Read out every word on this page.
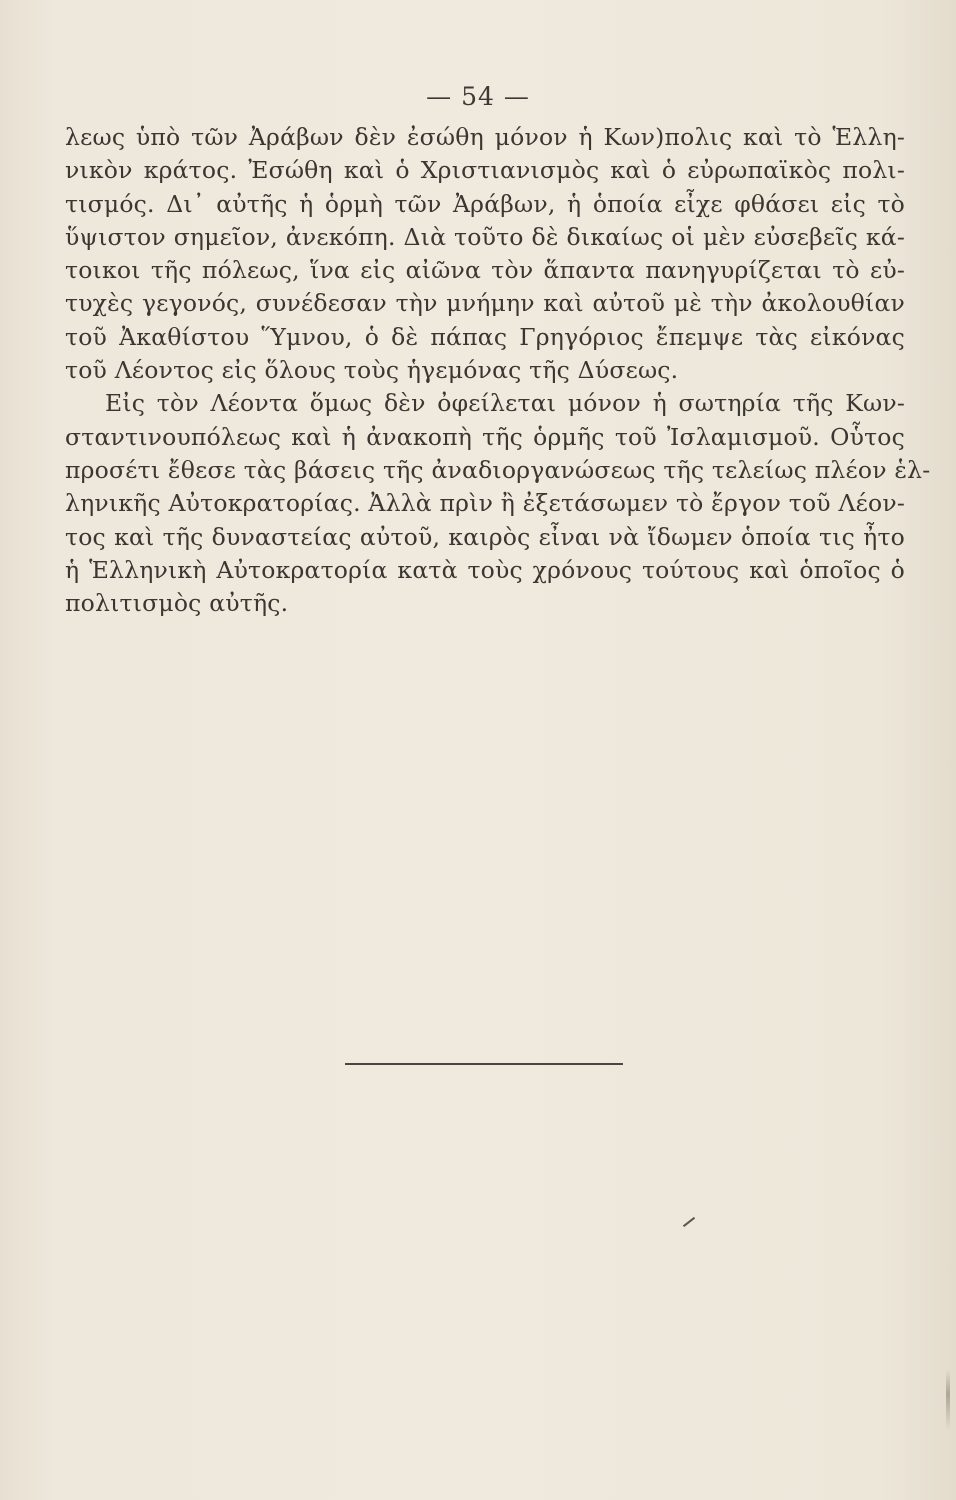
— 54 —
λεως ὑπὸ τῶν Ἀράβων δὲν ἐσώθη μόνον ἡ Κων)πολις καὶ τὸ Ἑλλη-
νικὸν κράτος. Ἐσώθη καὶ ὁ Χριστιανισμὸς καὶ ὁ εὐρωπαϊκὸς πολι-
τισμός. Δι᾿ αὐτῆς ἡ ὁρμὴ τῶν Ἀράβων, ἡ ὁποία εἶχε φθάσει εἰς τὸ
ὕψιστον σημεῖον, ἀνεκόπη. Διὰ τοῦτο δὲ δικαίως οἱ μὲν εὐσεβεῖς κά-
τοικοι τῆς πόλεως, ἵνα εἰς αἰῶνα τὸν ἅπαντα πανηγυρίζεται τὸ εὐ-
τυχὲς γεγονός, συνέδεσαν τὴν μνήμην καὶ αὐτοῦ μὲ τὴν ἀκολουθίαν
τοῦ Ἀκαθίστου Ὕμνου, ὁ δὲ πάπας Γρηγόριος ἔπεμψε τὰς εἰκόνας
τοῦ Λέοντος εἰς ὅλους τοὺς ἡγεμόνας τῆς Δύσεως.
Εἰς τὸν Λέοντα ὅμως δὲν ὀφείλεται μόνον ἡ σωτηρία τῆς Κων-
σταντινουπόλεως καὶ ἡ ἀνακοπὴ τῆς ὁρμῆς τοῦ Ἰσλαμισμοῦ. Οὗτος
προσέτι ἔθεσε τὰς βάσεις τῆς ἀναδιοργανώσεως τῆς τελείως πλέον ἑλ-
ληνικῆς Αὐτοκρατορίας. Ἀλλὰ πρὶν ἢ ἐξετάσωμεν τὸ ἔργον τοῦ Λέον-
τος καὶ τῆς δυναστείας αὐτοῦ, καιρὸς εἶναι νὰ ἴδωμεν ὁποία τις ἦτο
ἡ Ἑλληνικὴ Αὐτοκρατορία κατὰ τοὺς χρόνους τούτους καὶ ὁποῖος ὁ
πολιτισμὸς αὐτῆς.
